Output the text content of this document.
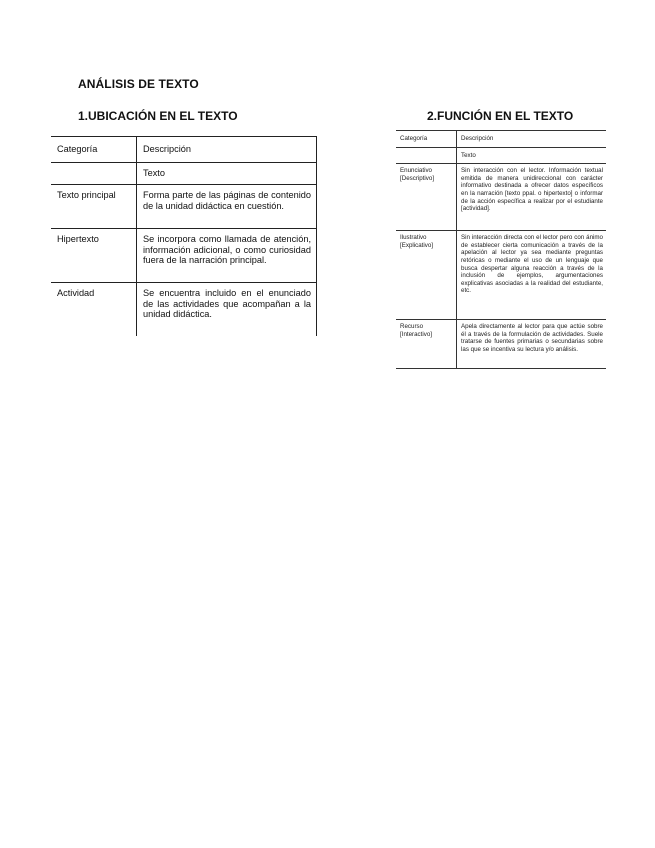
ANÁLISIS DE TEXTO
1.UBICACIÓN EN EL TEXTO	2.FUNCIÓN EN EL TEXTO
Categoría	Descripción
	Texto
Texto principal	Forma parte de las páginas de contenido de la unidad didáctica en cuestión.
Hipertexto	Se incorpora como llamada de atención, información adicional, o como curiosidad fuera de la narración principal.
Actividad	Se encuentra incluido en el enunciado de las actividades que acompañan a la unidad didáctica.
Categoría	Descripción
	Texto
Enunciativo [Descriptivo]	Sin interacción con el lector. Información textual emitida de manera unidireccional con carácter informativo destinada a ofrecer datos específicos en la narración [texto ppal. o hipertexto] o informar de la acción específica a realizar por el estudiante [actividad].
Ilustrativo [Explicativo]	Sin interacción directa con el lector pero con ánimo de establecer cierta comunicación a través de la apelación al lector ya sea mediante preguntas retóricas o mediante el uso de un lenguaje que busca despertar alguna reacción a través de la inclusión de ejemplos, argumentaciones explicativas asociadas a la realidad del estudiante, etc.
Recurso [Interactivo]	Apela directamente al lector para que actúe sobre él a través de la formulación de actividades. Suele tratarse de fuentes primarias o secundarias sobre las que se incentiva su lectura y/o análisis.
